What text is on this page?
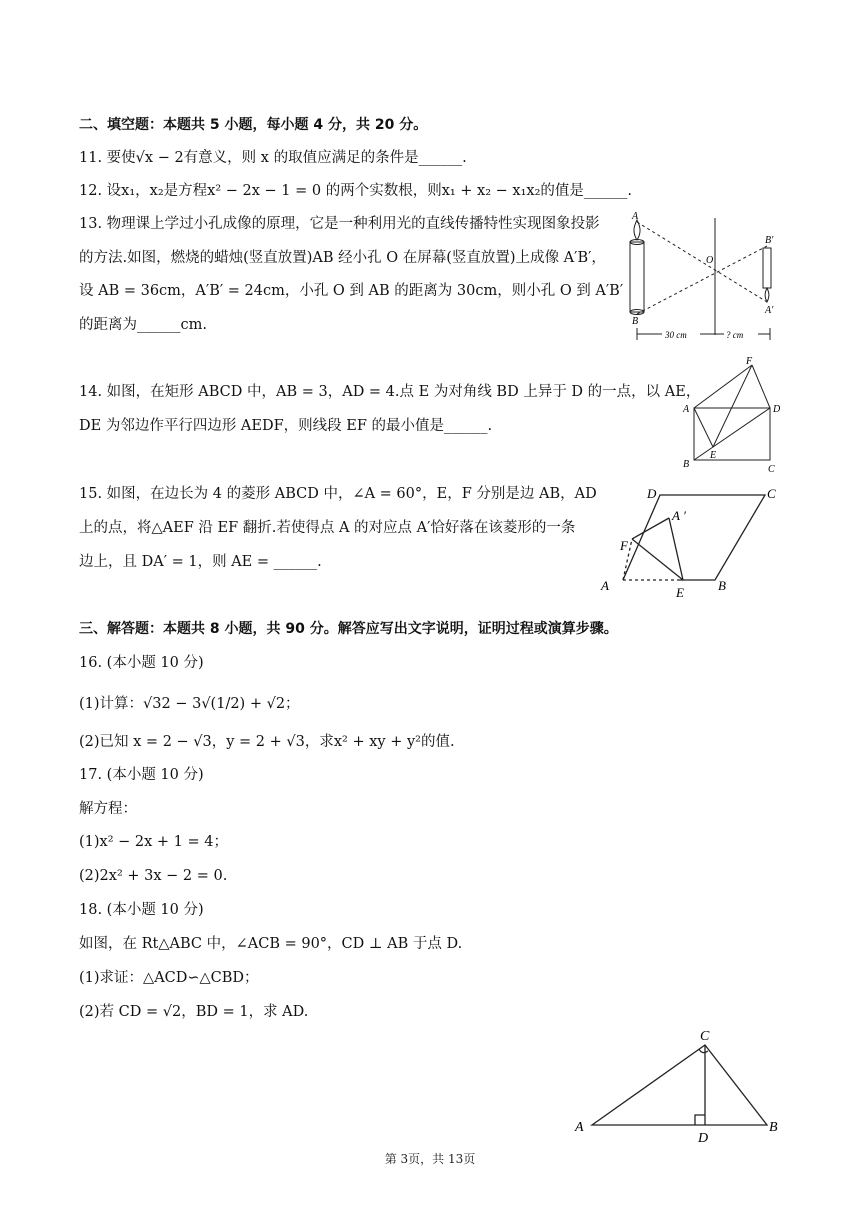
二、填空题：本题共 5 小题，每小题 4 分，共 20 分。
11. 要使√x − 2有意义，则 x 的取值应满足的条件是______.
12. 设x₁，x₂是方程x² − 2x − 1 = 0 的两个实数根，则x₁ + x₂ − x₁x₂的值是______.
13. 物理课上学过小孔成像的原理，它是一种利用光的直线传播特性实现图象投影
的方法.如图，燃烧的蜡烛(竖直放置)AB 经小孔 O 在屏幕(竖直放置)上成像 A′B′，
设 AB = 36cm，A′B′ = 24cm，小孔 O 到 AB 的距离为 30cm，则小孔 O 到 A′B′
的距离为______cm.
14. 如图，在矩形 ABCD 中，AB = 3，AD = 4.点 E 为对角线 BD 上异于 D 的一点，以 AE，
DE 为邻边作平行四边形 AEDF，则线段 EF 的最小值是______.
15. 如图，在边长为 4 的菱形 ABCD 中，∠A = 60°，E，F 分别是边 AB，AD
上的点，将△AEF 沿 EF 翻折.若使得点 A 的对应点 A′恰好落在该菱形的一条
边上，且 DA′ = 1，则 AE = ______.
三、解答题：本题共 8 小题，共 90 分。解答应写出文字说明，证明过程或演算步骤。
16. (本小题 10 分)
(1)计算：√32 − 3√(1/2) + √2；
(2)已知 x = 2 − √3，y = 2 + √3，求x² + xy + y²的值.
17. (本小题 10 分)
解方程：
(1)x² − 2x + 1 = 4；
(2)2x² + 3x − 2 = 0.
18. (本小题 10 分)
如图，在 Rt△ABC 中，∠ACB = 90°，CD ⊥ AB 于点 D.
(1)求证：△ACD∽△CBD；
(2)若 CD = √2，BD = 1，求 AD.
A
B
O
B′
A′
30 cm	? cm
F
A	D
E
B	C
D	C
A ′
F
A	E	B
C
A
D
B
第 3页，共 13页
